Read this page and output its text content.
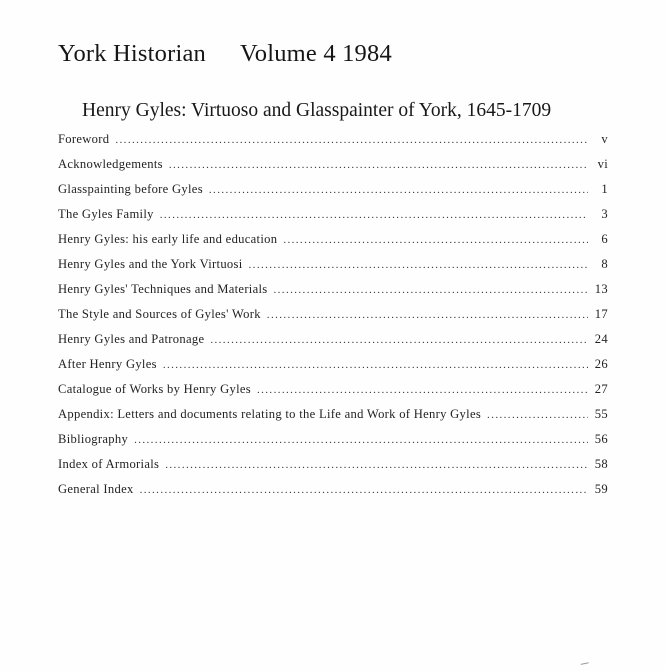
York Historian Volume 4 1984
Henry Gyles: Virtuoso and Glasspainter of York, 1645-1709
Foreword .....	v
Acknowledgements .....	vi
Glasspainting before Gyles .....	1
The Gyles Family .....	3
Henry Gyles: his early life and education .....	6
Henry Gyles and the York Virtuosi .....	8
Henry Gyles' Techniques and Materials .....	13
The Style and Sources of Gyles' Work .....	17
Henry Gyles and Patronage .....	24
After Henry Gyles .....	26
Catalogue of Works by Henry Gyles .....	27
Appendix: Letters and documents relating to the Life and Work of Henry Gyles .....	55
Bibliography .....	56
Index of Armorials .....	58
General Index .....	59
